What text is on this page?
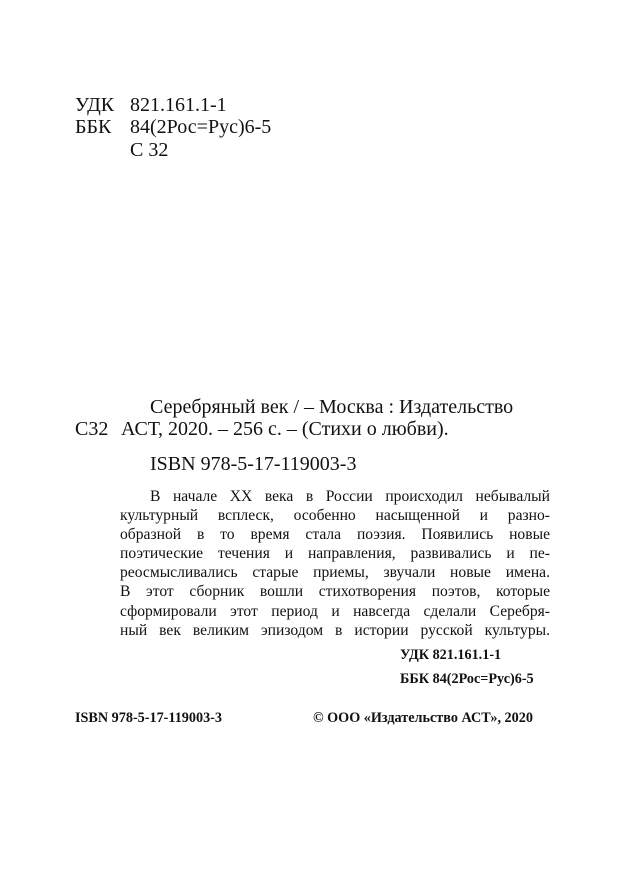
УДК 821.161.1-1
ББК 84(2Рос=Рус)6-5
С 32
Серебряный век / – Москва : Издательство
С32 АСТ, 2020. – 256 с. – (Стихи о любви).
ISBN 978-5-17-119003-3
В начале XX века в России происходил небывалый
культурный всплеск, особенно насыщенной и разно-
образной в то время стала поэзия. Появились новые
поэтические течения и направления, развивались и пе-
реосмысливались старые приемы, звучали новые имена.
В этот сборник вошли стихотворения поэтов, которые
сформировали этот период и навсегда сделали Серебря-
ный век великим эпизодом в истории русской культуры.
УДК 821.161.1-1
ББК 84(2Рос=Рус)6-5
ISBN 978-5-17-119003-3	© ООО «Издательство АСТ», 2020
